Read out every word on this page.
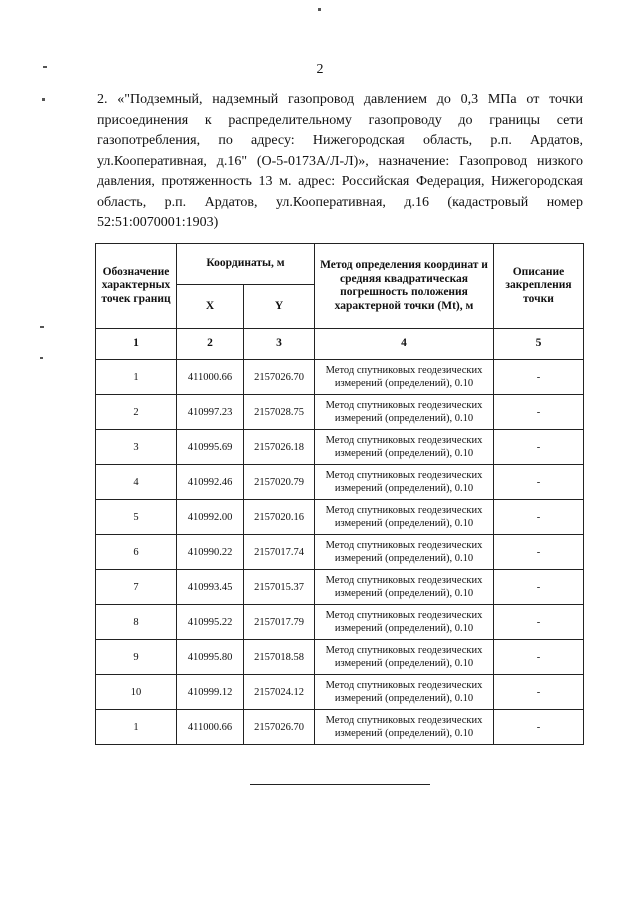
2
2. «"Подземный, надземный газопровод давлением до 0,3 МПа от точки присоединения к распределительному газопроводу до границы сети газопотребления, по адресу: Нижегородская область, р.п. Ардатов, ул.Кооперативная, д.16" (О-5-0173А/Л-Л)», назначение: Газопровод низкого давления, протяженность 13 м. адрес: Российская Федерация, Нижегородская область, р.п. Ардатов, ул.Кооперативная, д.16 (кадастровый номер 52:51:0070001:1903)
Обозначение характерных точек границ	Координаты, м		Метод определения координат и средняя квадратическая погрешность положения характерной точки (Mt), м	Описание закрепления точки
	X	Y		
1	2	3	4	5
1	411000.66	2157026.70	Метод спутниковых геодезических измерений (определений), 0.10	-
2	410997.23	2157028.75	Метод спутниковых геодезических измерений (определений), 0.10	-
3	410995.69	2157026.18	Метод спутниковых геодезических измерений (определений), 0.10	-
4	410992.46	2157020.79	Метод спутниковых геодезических измерений (определений), 0.10	-
5	410992.00	2157020.16	Метод спутниковых геодезических измерений (определений), 0.10	-
6	410990.22	2157017.74	Метод спутниковых геодезических измерений (определений), 0.10	-
7	410993.45	2157015.37	Метод спутниковых геодезических измерений (определений), 0.10	-
8	410995.22	2157017.79	Метод спутниковых геодезических измерений (определений), 0.10	-
9	410995.80	2157018.58	Метод спутниковых геодезических измерений (определений), 0.10	-
10	410999.12	2157024.12	Метод спутниковых геодезических измерений (определений), 0.10	-
1	411000.66	2157026.70	Метод спутниковых геодезических измерений (определений), 0.10	-
